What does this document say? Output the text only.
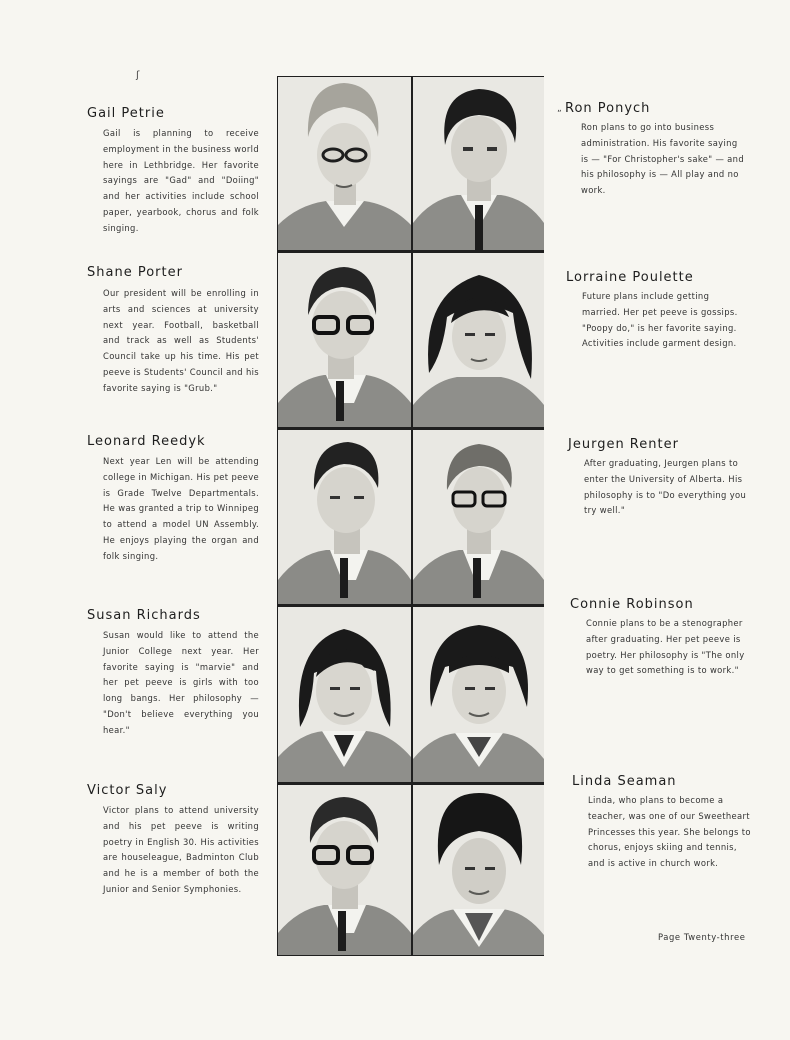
ʃ
„
Gail Petrie
Gail is planning to receive employment in the business world here in Lethbridge. Her favorite sayings are "Gad" and "Doiing" and her activities include school paper, yearbook, chorus and folk singing.
Shane Porter
Our president will be enrolling in arts and sciences at university next year. Football, basketball and track as well as Students' Council take up his time. His pet peeve is Students' Council and his favorite saying is "Grub."
Leonard Reedyk
Next year Len will be attending college in Michigan. His pet peeve is Grade Twelve Departmentals. He was granted a trip to Winnipeg to attend a model UN Assembly. He enjoys playing the organ and folk singing.
Susan Richards
Susan would like to attend the Junior College next year. Her favorite saying is "marvie" and her pet peeve is girls with too long bangs. Her philosophy — "Don't believe everything you hear."
Victor Saly
Victor plans to attend university and his pet peeve is writing poetry in English 30. His activities are houseleague, Badminton Club and he is a member of both the Junior and Senior Symphonies.
Ron Ponych
Ron plans to go into business administration. His favorite saying is — "For Christopher's sake" — and his philosophy is — All play and no work.
Lorraine Poulette
Future plans include getting married. Her pet peeve is gossips. "Poopy do," is her favorite saying. Activities include garment design.
Jeurgen Renter
After graduating, Jeurgen plans to enter the University of Alberta. His philosophy is to "Do everything you try well."
Connie Robinson
Connie plans to be a stenographer after graduating. Her pet peeve is poetry. Her philosophy is "The only way to get something is to work."
Linda Seaman
Linda, who plans to become a teacher, was one of our Sweetheart Princesses this year. She belongs to chorus, enjoys skiing and tennis, and is active in church work.
Page Twenty-three
